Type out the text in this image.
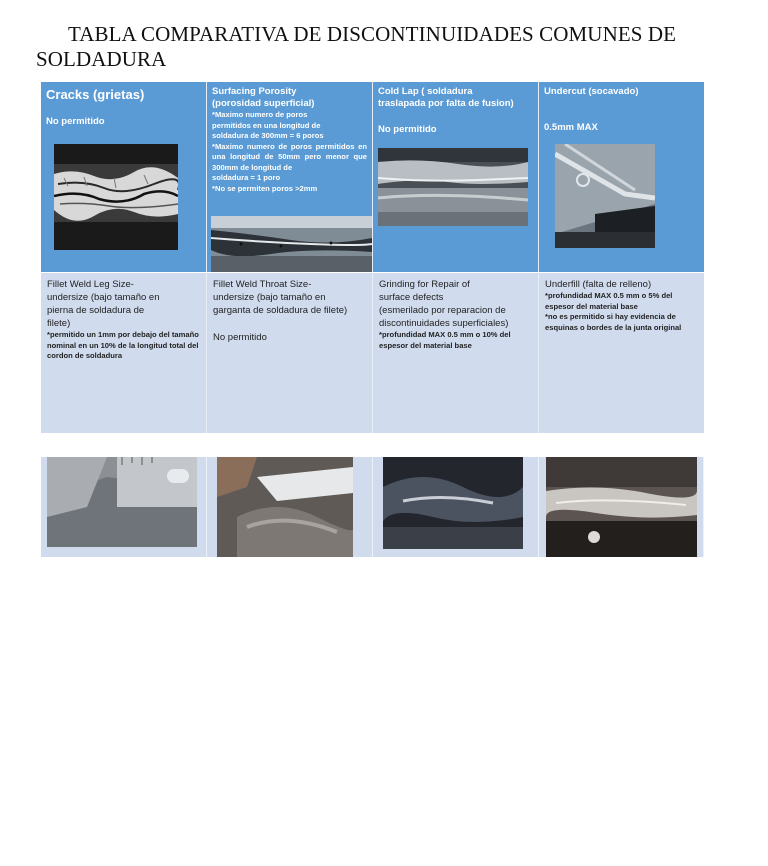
TABLA COMPARATIVA DE DISCONTINUIDADES COMUNES DE SOLDADURA
Cracks (grietas)
No permitido
Surfacing Porosity
(porosidad superficial)
*Maximo numero de poros
permitidos en una longitud de
soldadura de 300mm = 6 poros
*Maximo numero de poros permitidos en una longitud de 50mm pero menor que 300mm de longitud de
soldadura = 1 poro
*No se permiten poros >2mm
Cold Lap ( soldadura
traslapada por falta de fusion)
No permitido
Undercut (socavado)
0.5mm MAX
Fillet Weld Leg Size-
undersize (bajo tamaño en
pierna de soldadura de
filete)
*permitido un 1mm por debajo del tamaño nominal en un 10% de la longitud total del cordon de soldadura
Fillet Weld Throat Size-
undersize (bajo tamaño en
garganta de soldadura de filete)
No permitido
Grinding for Repair of
surface defects
(esmerilado por reparacion de
discontinuidades superficiales)
*profundidad MAX 0.5 mm o 10% del espesor del material base
Underfill (falta de relleno)
*profundidad MAX 0.5 mm o 5% del espesor del material base
*no es permitido si hay evidencia de esquinas o bordes de la junta original
